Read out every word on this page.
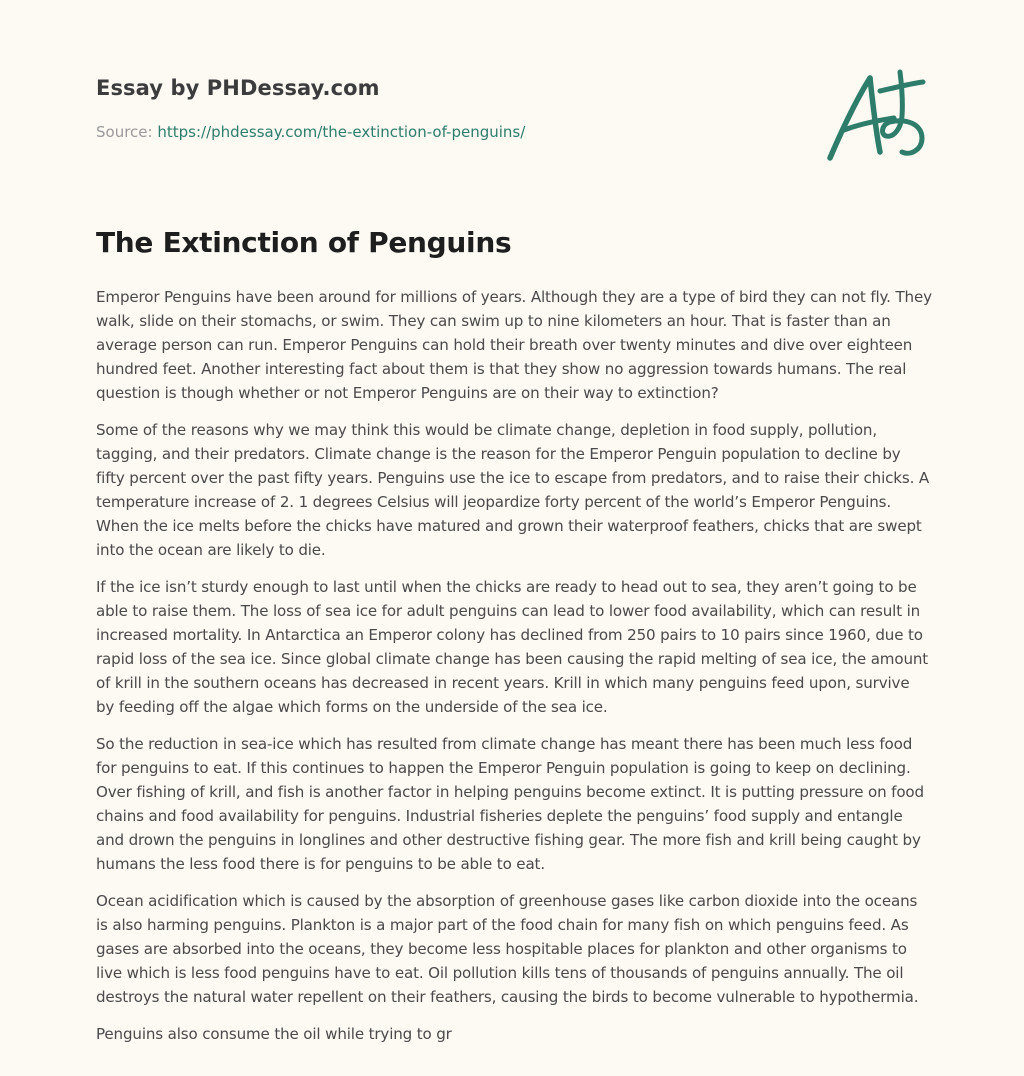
Essay by PHDessay.com
Source: https://phdessay.com/the-extinction-of-penguins/
The Extinction of Penguins

Emperor Penguins have been around for millions of years. Although they are a type of bird they can not fly. They walk, slide on their stomachs, or swim. They can swim up to nine kilometers an hour. That is faster than an average person can run. Emperor Penguins can hold their breath over twenty minutes and dive over eighteen hundred feet. Another interesting fact about them is that they show no aggression towards humans. The real question is though whether or not Emperor Penguins are on their way to extinction?

Some of the reasons why we may think this would be climate change, depletion in food supply, pollution, tagging, and their predators. Climate change is the reason for the Emperor Penguin population to decline by fifty percent over the past fifty years. Penguins use the ice to escape from predators, and to raise their chicks. A temperature increase of 2. 1 degrees Celsius will jeopardize forty percent of the world’s Emperor Penguins. When the ice melts before the chicks have matured and grown their waterproof feathers, chicks that are swept into the ocean are likely to die.

If the ice isn’t sturdy enough to last until when the chicks are ready to head out to sea, they aren’t going to be able to raise them. The loss of sea ice for adult penguins can lead to lower food availability, which can result in increased mortality. In Antarctica an Emperor colony has declined from 250 pairs to 10 pairs since 1960, due to rapid loss of the sea ice. Since global climate change has been causing the rapid melting of sea ice, the amount of krill in the southern oceans has decreased in recent years. Krill in which many penguins feed upon, survive by feeding off the algae which forms on the underside of the sea ice.

So the reduction in sea-ice which has resulted from climate change has meant there has been much less food for penguins to eat. If this continues to happen the Emperor Penguin population is going to keep on declining. Over fishing of krill, and fish is another factor in helping penguins become extinct. It is putting pressure on food chains and food availability for penguins. Industrial fisheries deplete the penguins’ food supply and entangle and drown the penguins in longlines and other destructive fishing gear. The more fish and krill being caught by humans the less food there is for penguins to be able to eat.

Ocean acidification which is caused by the absorption of greenhouse gases like carbon dioxide into the oceans is also harming penguins. Plankton is a major part of the food chain for many fish on which penguins feed. As gases are absorbed into the oceans, they become less hospitable places for plankton and other organisms to live which is less food penguins have to eat. Oil pollution kills tens of thousands of penguins annually. The oil destroys the natural water repellent on their feathers, causing the birds to become vulnerable to hypothermia.

Penguins also consume the oil while trying to gr
